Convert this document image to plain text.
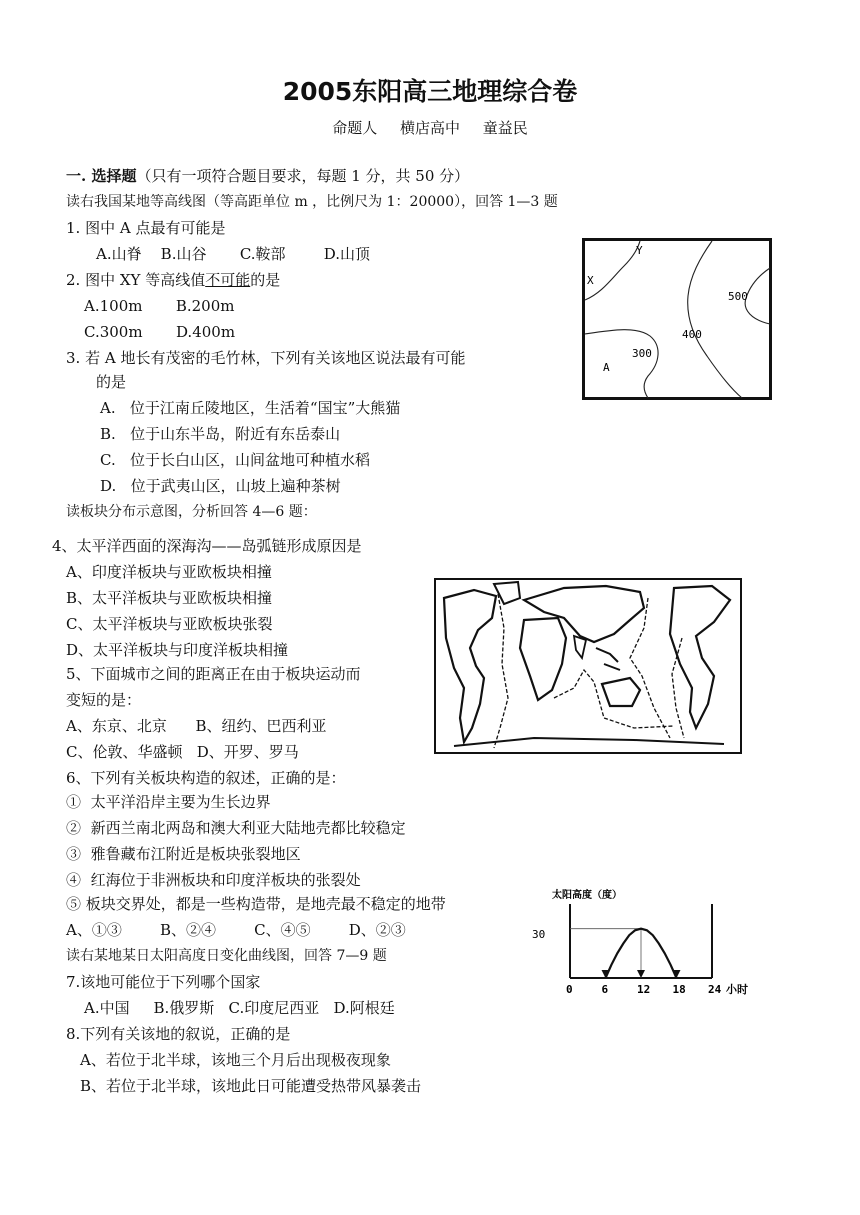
2005东阳高三地理综合卷
命题人 横店高中 童益民
一. 选择题（只有一项符合题目要求，每题 1 分，共 50 分）
读右我国某地等高线图（等高距单位 m ，比例尺为 1：20000），回答 1—3 题
1. 图中 A 点最有可能是
A.山脊    B.山谷       C.鞍部        D.山顶
2. 图中 XY 等高线值不可能的是
A.100m       B.200m
C.300m       D.400m
3. 若 A 地长有茂密的毛竹林，下列有关该地区说法最有可能
的是
A.   位于江南丘陵地区，生活着“国宝”大熊猫
B.   位于山东半岛，附近有东岳泰山
C.   位于长白山区，山间盆地可种植水稻
D.   位于武夷山区，山坡上遍种茶树
Y
X
500
400
300
A
读板块分布示意图，分析回答 4—6 题：
4、太平洋西面的深海沟——岛弧链形成原因是
A、印度洋板块与亚欧板块相撞
B、太平洋板块与亚欧板块相撞
C、太平洋板块与亚欧板块张裂
D、太平洋板块与印度洋板块相撞
5、下面城市之间的距离正在由于板块运动而
变短的是：
A、东京、北京      B、纽约、巴西利亚
C、伦敦、华盛顿   D、开罗、罗马
6、下列有关板块构造的叙述，正确的是：
① 太平洋沿岸主要为生长边界
② 新西兰南北两岛和澳大利亚大陆地壳都比较稳定
③ 雅鲁藏布江附近是板块张裂地区
④ 红海位于非洲板块和印度洋板块的张裂处
⑤ 板块交界处，都是一些构造带，是地壳最不稳定的地带
A、①③        B、②④        C、④⑤        D、②③
读右某地某日太阳高度日变化曲线图，回答 7—9 题
7.该地可能位于下列哪个国家
A.中国     B.俄罗斯   C.印度尼西亚   D.阿根廷
8.下列有关该地的叙说，正确的是
A、若位于北半球，该地三个月后出现极夜现象
B、若位于北半球，该地此日可能遭受热带风暴袭击
太阳高度（度）
30
0	6	12 18 24 小时
